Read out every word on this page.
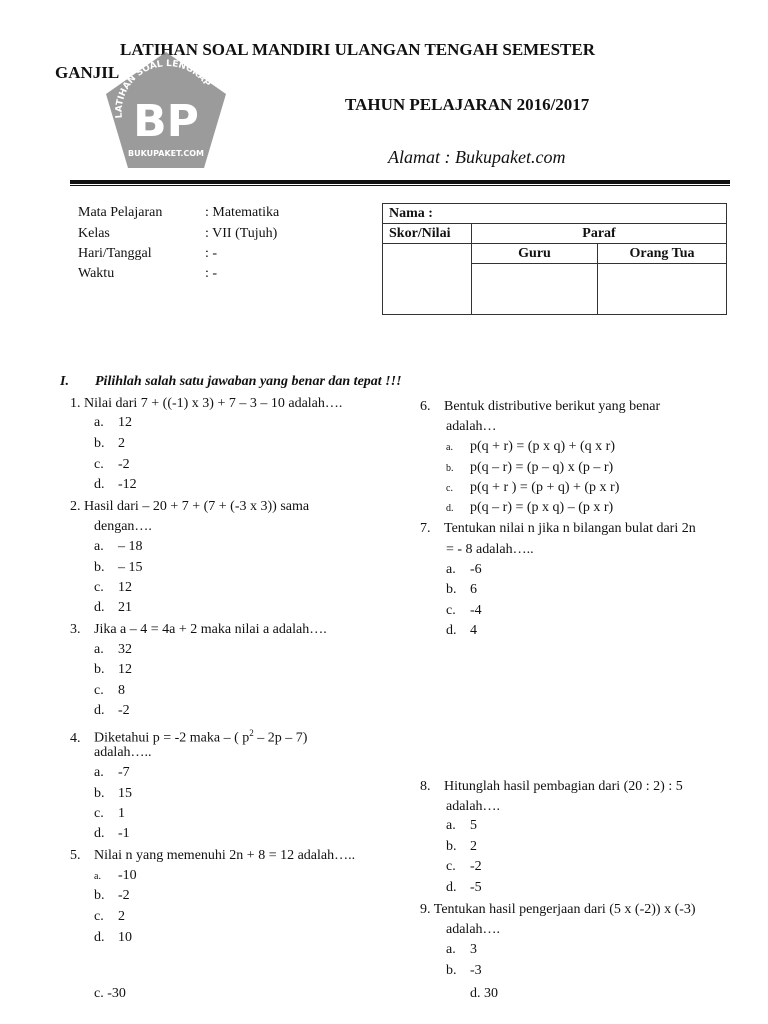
LATIHAN SOAL MANDIRI ULANGAN TENGAH SEMESTER
GANJIL
TAHUN PELAJARAN 2016/2017
Alamat : Bukupaket.com
LATIHAN SOAL LENGKAP
BP
BUKUPAKET.COM
Mata Pelajaran	: Matematika
Kelas	: VII (Tujuh)
Hari/Tanggal	: -
Waktu	: -
Nama :		
Skor/Nilai	Paraf	
	Guru	Orang Tua

I. Pilihlah salah satu jawaban yang benar dan tepat !!!
1. Nilai dari 7 + ((-1) x 3) + 7 – 3 – 10 adalah….
a. 12
b. 2
c. -2
d. -12
2. Hasil dari – 20 + 7 + (7 + (-3 x 3)) sama
dengan….
a. – 18
b. – 15
c. 12
d. 21
3. Jika a – 4 = 4a + 2 maka nilai a adalah….
a. 32
b. 12
c. 8
d. -2
4. Diketahui p = -2 maka – ( $p^2 - 2p - 7$)
adalah…..
a. -7
b. 15
c. 1
d. -1
5. Nilai n yang memenuhi 2n + 8 = 12 adalah…..
a. -10
b. -2
c. 2
d. 10
c. -30
6. Bentuk distributive berikut yang benar
adalah…
a. p(q + r) = (p x q) + (q x r)
b. p(q – r) = (p – q) x (p – r)
c. p(q + r ) = (p + q) + (p x r)
d. p(q – r) = (p x q) – (p x r)
7. Tentukan nilai n jika n bilangan bulat dari 2n
= - 8 adalah…..
a. -6
b. 6
c. -4
d. 4
8. Hitunglah hasil pembagian dari (20 : 2) : 5
adalah….
a. 5
b. 2
c. -2
d. -5
9. Tentukan hasil pengerjaan dari (5 x (-2)) x (-3)
adalah….
a. 3
b. -3
d. 30
